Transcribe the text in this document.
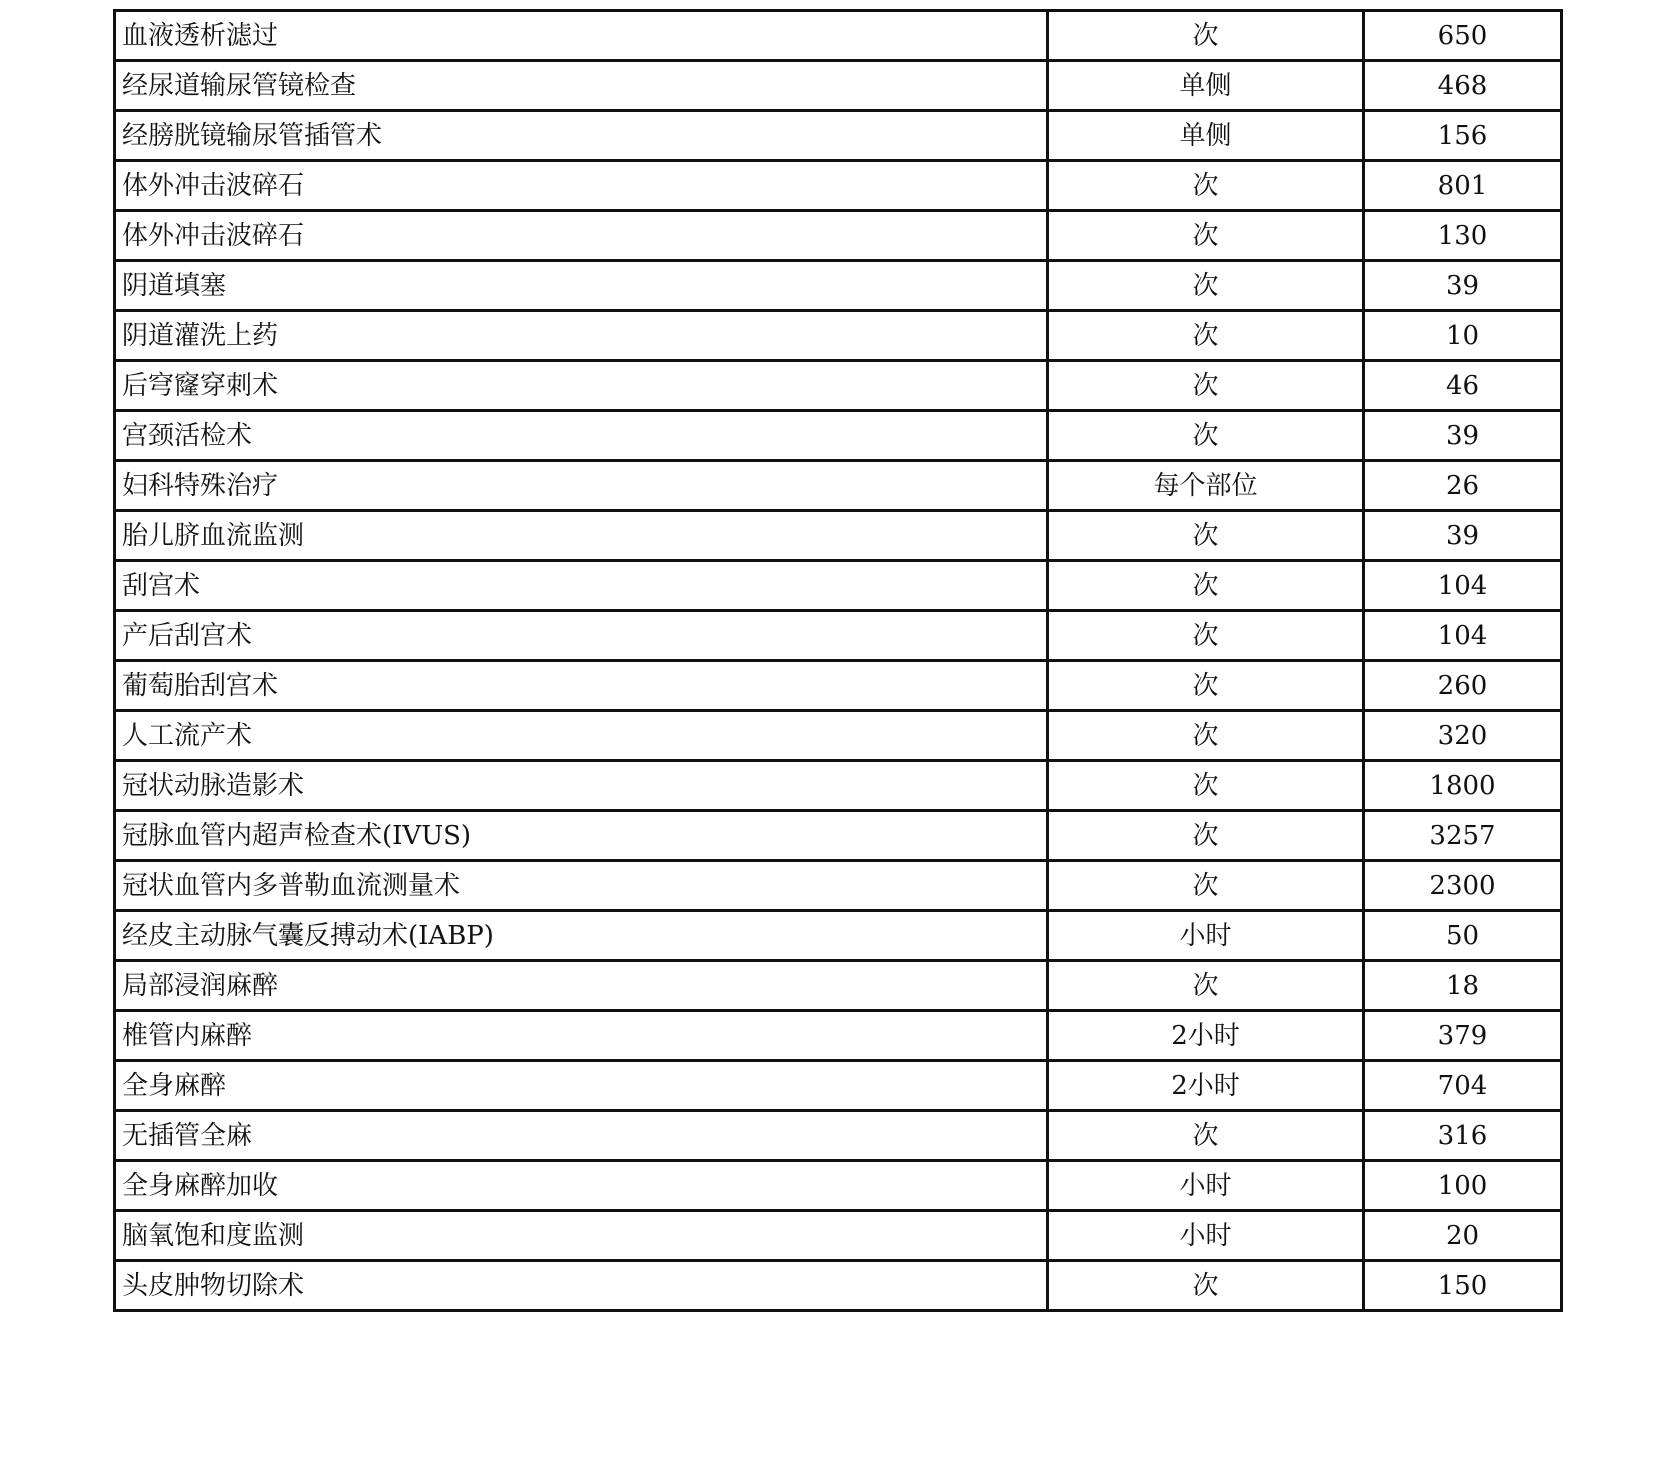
血液透析滤过	次	650
经尿道输尿管镜检查	单侧	468
经膀胱镜输尿管插管术	单侧	156
体外冲击波碎石	次	801
体外冲击波碎石	次	130
阴道填塞	次	39
阴道灌洗上药	次	10
后穹窿穿刺术	次	46
宫颈活检术	次	39
妇科特殊治疗	每个部位	26
胎儿脐血流监测	次	39
刮宫术	次	104
产后刮宫术	次	104
葡萄胎刮宫术	次	260
人工流产术	次	320
冠状动脉造影术	次	1800
冠脉血管内超声检查术(IVUS)	次	3257
冠状血管内多普勒血流测量术	次	2300
经皮主动脉气囊反搏动术(IABP)	小时	50
局部浸润麻醉	次	18
椎管内麻醉	2小时	379
全身麻醉	2小时	704
无插管全麻	次	316
全身麻醉加收	小时	100
脑氧饱和度监测	小时	20
头皮肿物切除术	次	150
